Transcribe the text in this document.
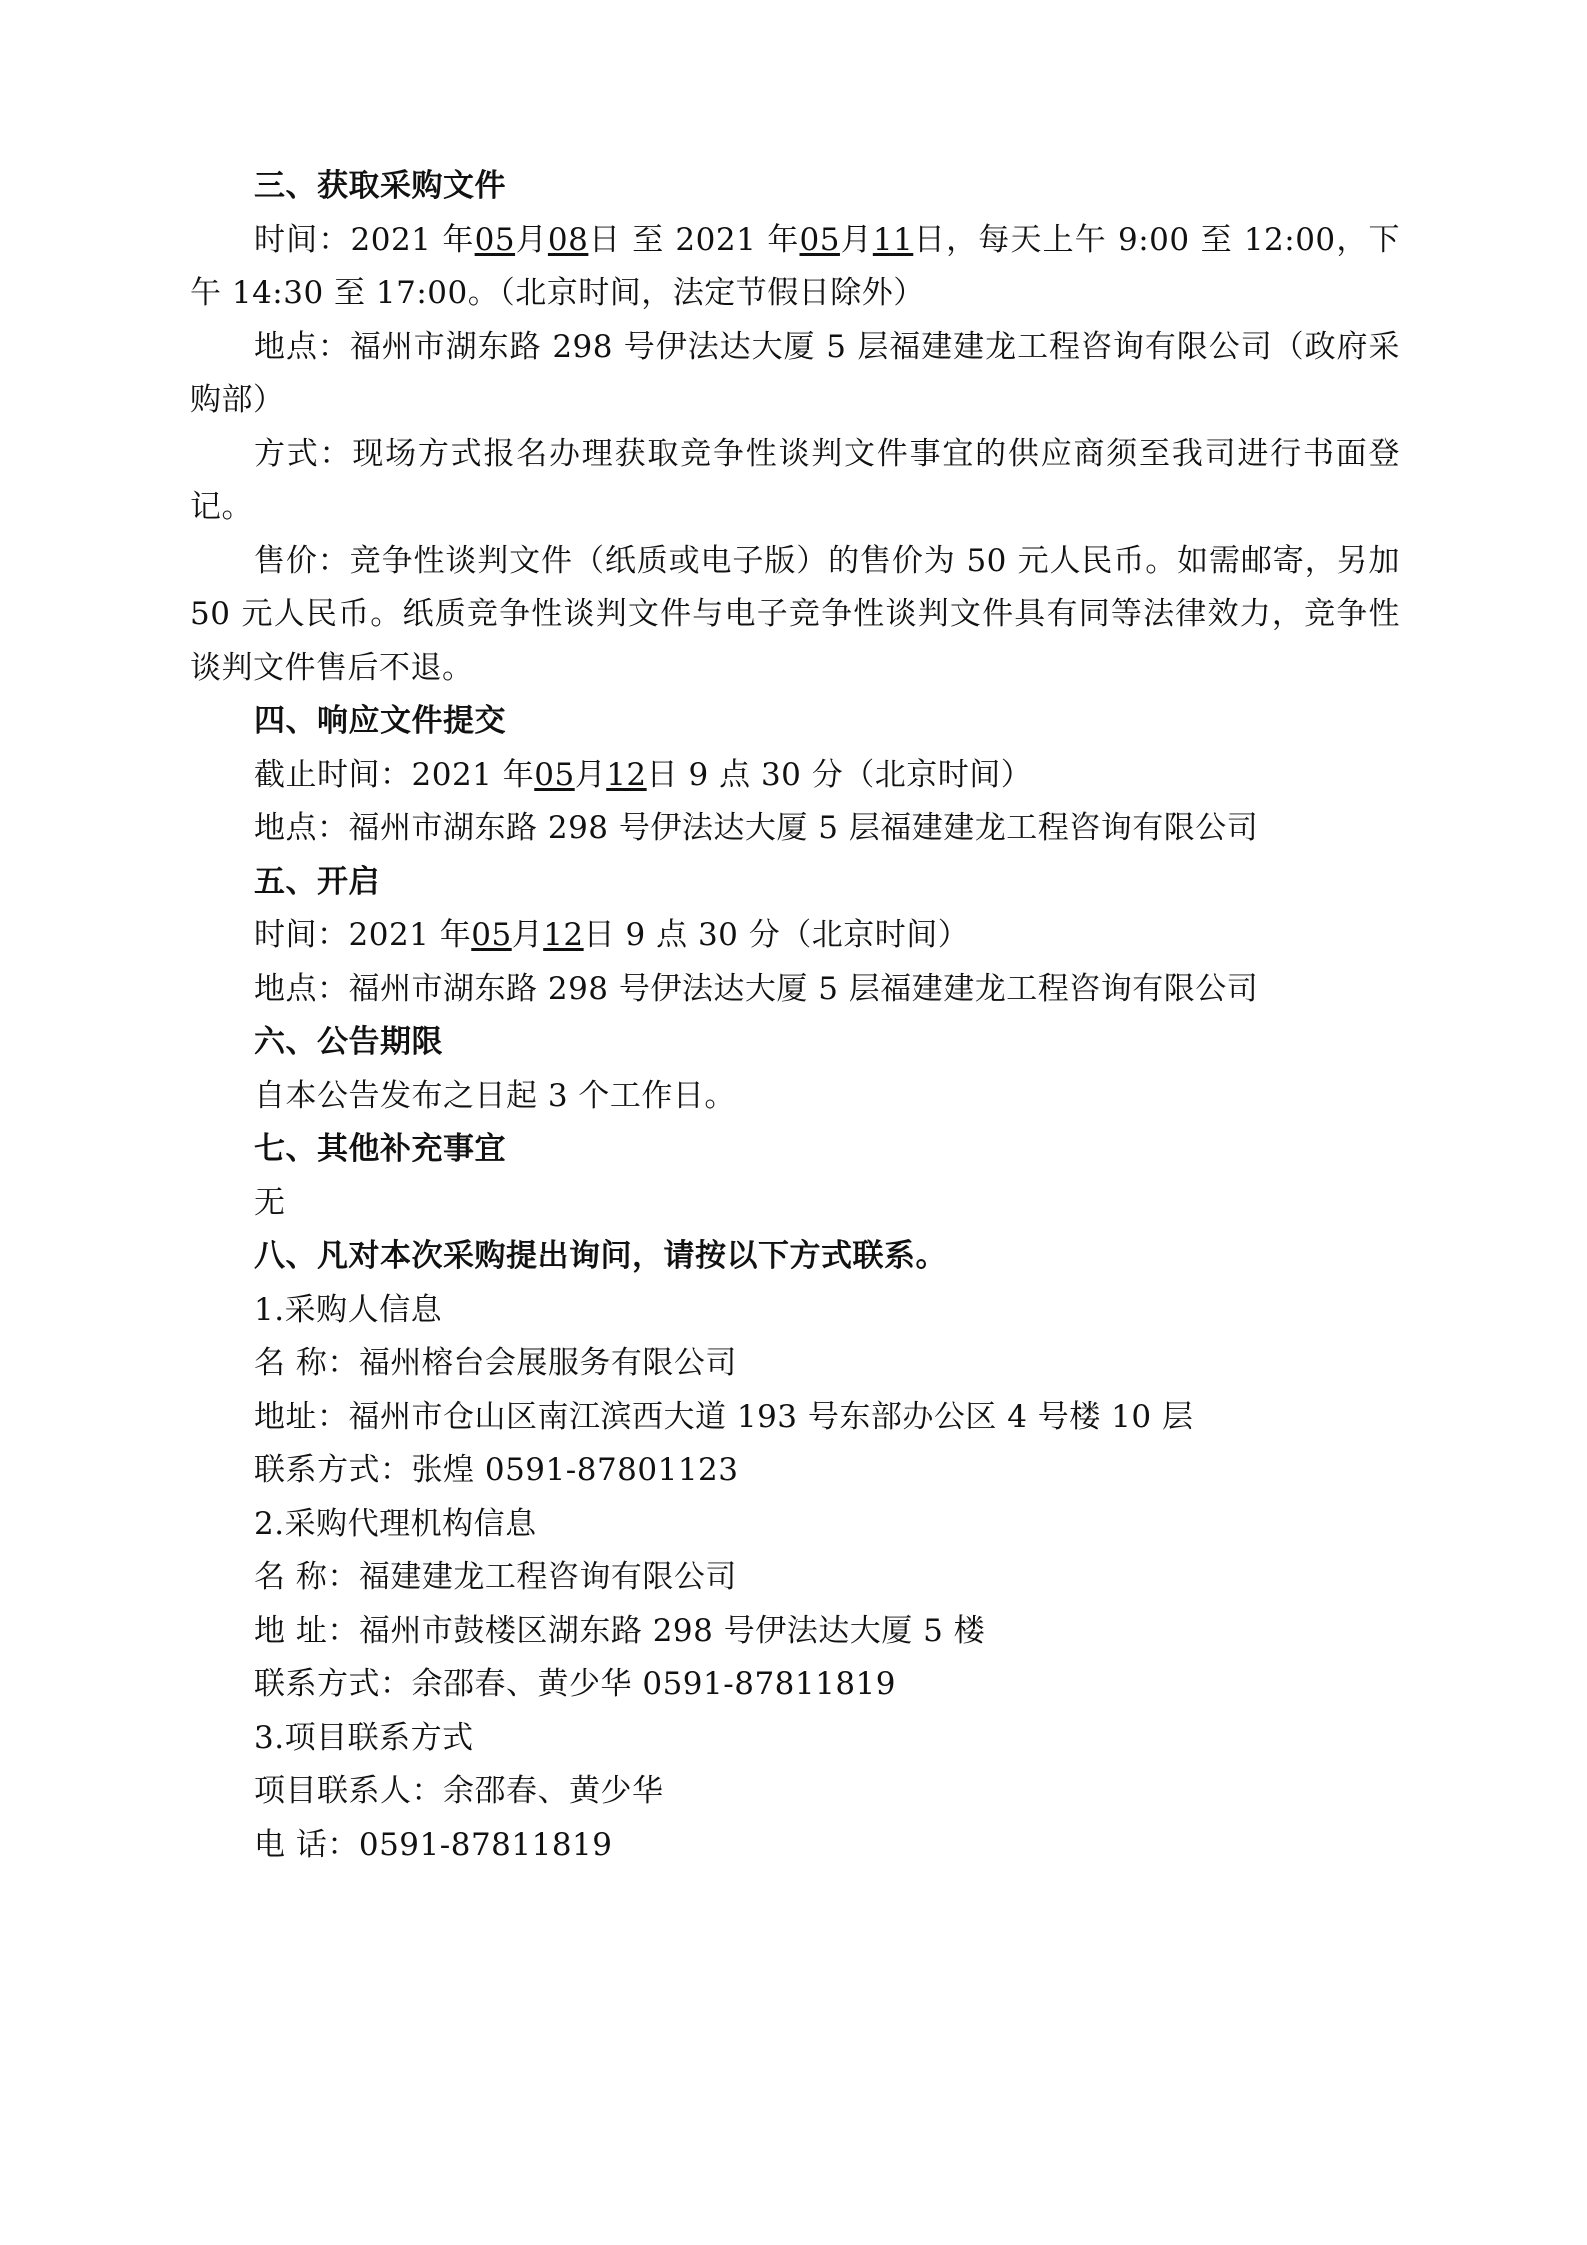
三、获取采购文件

时间：2021 年05月08日 至 2021 年05月11日，每天上午 9:00 至 12:00，下午 14:30 至 17:00。（北京时间，法定节假日除外）

地点：福州市湖东路 298 号伊法达大厦 5 层福建建龙工程咨询有限公司（政府采购部）

方式：现场方式报名办理获取竞争性谈判文件事宜的供应商须至我司进行书面登记。

售价：竞争性谈判文件（纸质或电子版）的售价为 50 元人民币。如需邮寄，另加 50 元人民币。纸质竞争性谈判文件与电子竞争性谈判文件具有同等法律效力，竞争性谈判文件售后不退。

四、响应文件提交
截止时间：2021 年05月12日 9 点 30 分（北京时间）
地点：福州市湖东路 298 号伊法达大厦 5 层福建建龙工程咨询有限公司
五、开启
时间：2021 年05月12日 9 点 30 分（北京时间）
地点：福州市湖东路 298 号伊法达大厦 5 层福建建龙工程咨询有限公司
六、公告期限
自本公告发布之日起 3 个工作日。
七、其他补充事宜
无
八、凡对本次采购提出询问，请按以下方式联系。
1.采购人信息
名 称：福州榕台会展服务有限公司
地址：福州市仓山区南江滨西大道 193 号东部办公区 4 号楼 10 层
联系方式：张煌 0591-87801123
2.采购代理机构信息
名 称：福建建龙工程咨询有限公司
地 址：福州市鼓楼区湖东路 298 号伊法达大厦 5 楼
联系方式：余邵春、黄少华 0591-87811819
3.项目联系方式
项目联系人：余邵春、黄少华
电 话：0591-87811819
